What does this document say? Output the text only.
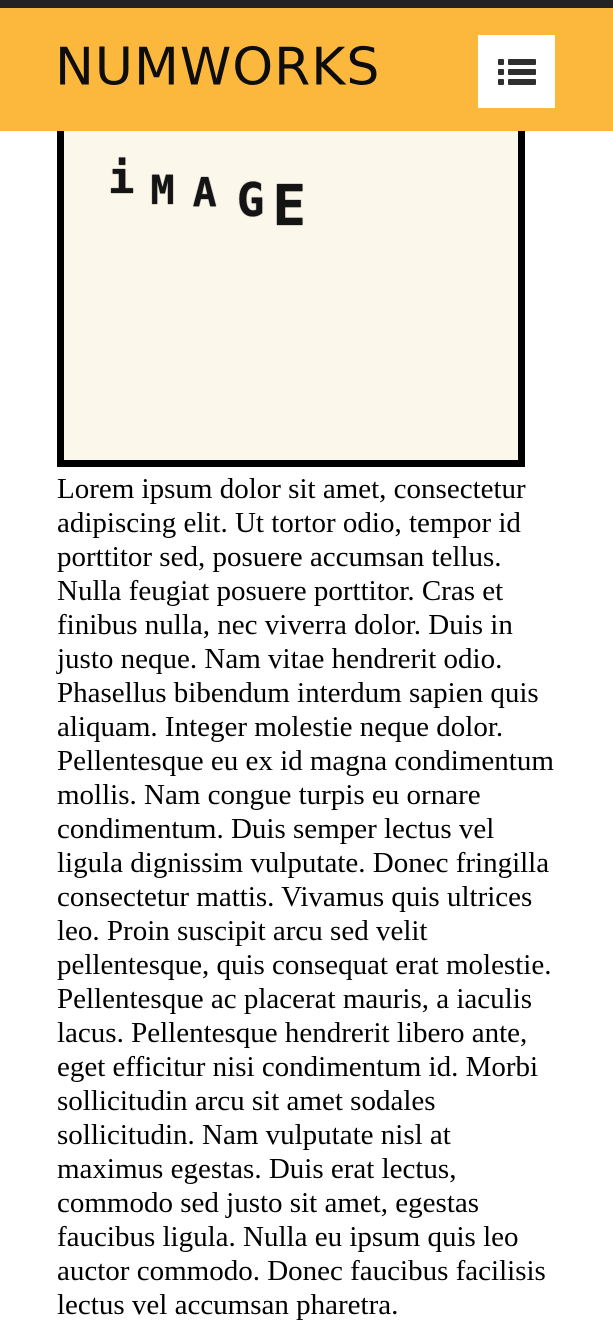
NUMWORKS
i M A G E

Lorem ipsum dolor sit amet, consectetur adipiscing elit. Ut tortor odio, tempor id porttitor sed, posuere accumsan tellus. Nulla feugiat posuere porttitor. Cras et finibus nulla, nec viverra dolor. Duis in justo neque. Nam vitae hendrerit odio. Phasellus bibendum interdum sapien quis aliquam. Integer molestie neque dolor. Pellentesque eu ex id magna condimentum mollis. Nam congue turpis eu ornare condimentum. Duis semper lectus vel ligula dignissim vulputate. Donec fringilla consectetur mattis. Vivamus quis ultrices leo. Proin suscipit arcu sed velit pellentesque, quis consequat erat molestie. Pellentesque ac placerat mauris, a iaculis lacus. Pellentesque hendrerit libero ante, eget efficitur nisi condimentum id. Morbi sollicitudin arcu sit amet sodales sollicitudin. Nam vulputate nisl at maximus egestas. Duis erat lectus, commodo sed justo sit amet, egestas faucibus ligula. Nulla eu ipsum quis leo auctor commodo. Donec faucibus facilisis lectus vel accumsan pharetra.
